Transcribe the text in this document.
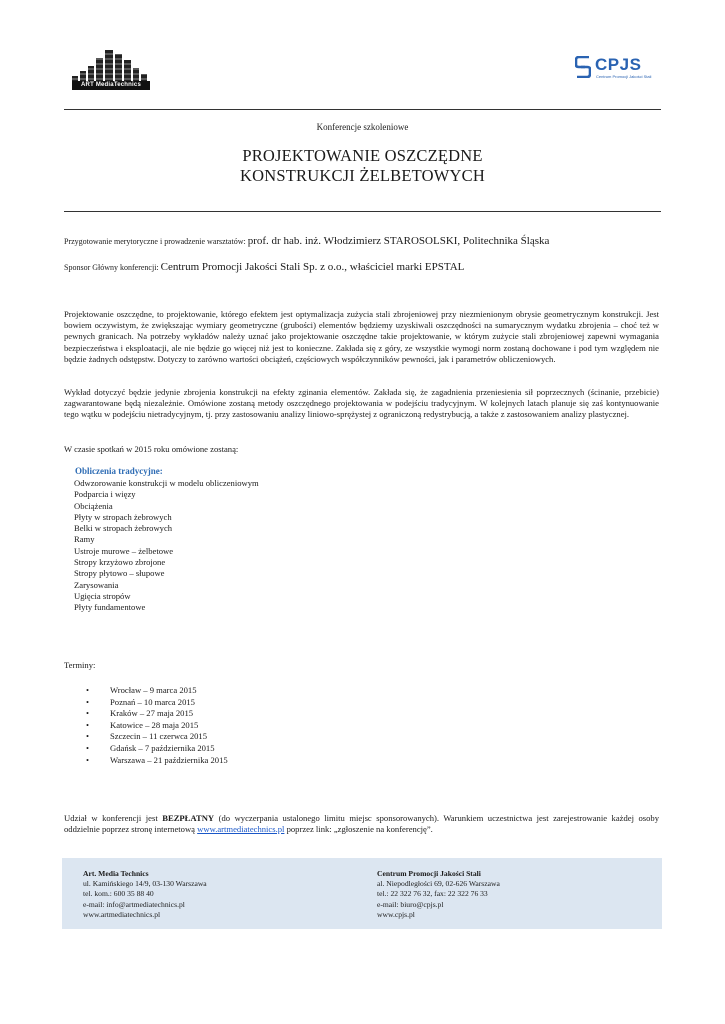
ART MediaTechnics
CPJS
Centrum Promocji Jakości Stali
Konferencje szkoleniowe
PROJEKTOWANIE OSZCZĘDNE
KONSTRUKCJI ŻELBETOWYCH
Przygotowanie merytoryczne i prowadzenie warsztatów: prof. dr hab. inż. Włodzimierz STAROSOLSKI, Politechnika Śląska
Sponsor Główny konferencji: Centrum Promocji Jakości Stali Sp. z o.o., właściciel marki EPSTAL

Projektowanie oszczędne, to projektowanie, którego efektem jest optymalizacja zużycia stali zbrojeniowej przy niezmienionym obrysie geometrycznym konstrukcji. Jest bowiem oczywistym, że zwiększając wymiary geometryczne (grubości) elementów będziemy uzyskiwali oszczędności na sumarycznym wydatku zbrojenia – choć też w pewnych granicach. Na potrzeby wykładów należy uznać jako projektowanie oszczędne takie projektowanie, w którym zużycie stali zbrojeniowej zapewni wymagania bezpieczeństwa i eksploatacji, ale nie będzie go więcej niż jest to konieczne. Zakłada się z góry, ze wszystkie wymogi norm zostaną dochowane i pod tym względem nie będzie żadnych odstępstw. Dotyczy to zarówno wartości obciążeń, częściowych współczynników pewności, jak i parametrów obliczeniowych.

Wykład dotyczyć będzie jedynie zbrojenia konstrukcji na efekty zginania elementów. Zakłada się, że zagadnienia przeniesienia sił poprzecznych (ścinanie, przebicie) zagwarantowane będą niezależnie. Omówione zostaną metody oszczędnego projektowania w podejściu tradycyjnym. W kolejnych latach planuje się zaś kontynuowanie tego wątku w podejściu nietradycyjnym, tj. przy zastosowaniu analizy liniowo-sprężystej z ograniczoną redystrybucją, a także z zastosowaniem analizy plastycznej.

W czasie spotkań w 2015 roku omówione zostaną:

Obliczenia tradycyjne:
Odwzorowanie konstrukcji w modelu obliczeniowym
Podparcia i więzy
Obciążenia
Płyty w stropach żebrowych
Belki w stropach żebrowych
Ramy
Ustroje murowe – żelbetowe
Stropy krzyżowo zbrojone
Stropy płytowo – słupowe
Zarysowania
Ugięcia stropów
Płyty fundamentowe
Terminy:
• Wrocław – 9 marca 2015
• Poznań – 10 marca 2015
• Kraków – 27 maja 2015
• Katowice – 28 maja 2015
• Szczecin – 11 czerwca 2015
• Gdańsk – 7 października 2015
• Warszawa – 21 października 2015

Udział w konferencji jest BEZPŁATNY (do wyczerpania ustalonego limitu miejsc sponsorowanych). Warunkiem uczestnictwa jest zarejestrowanie każdej osoby oddzielnie poprzez stronę internetową www.artmediatechnics.pl poprzez link: „zgłoszenie na konferencję”.

Art. Media Technics
ul. Kamińskiego 14/9, 03-130 Warszawa
tel. kom.: 600 35 88 40
e-mail: info@artmediatechnics.pl
www.artmediatechnics.pl
Centrum Promocji Jakości Stali
al. Niepodległości 69, 02-626 Warszawa
tel.: 22 322 76 32, fax: 22 322 76 33
e-mail: biuro@cpjs.pl
www.cpjs.pl
